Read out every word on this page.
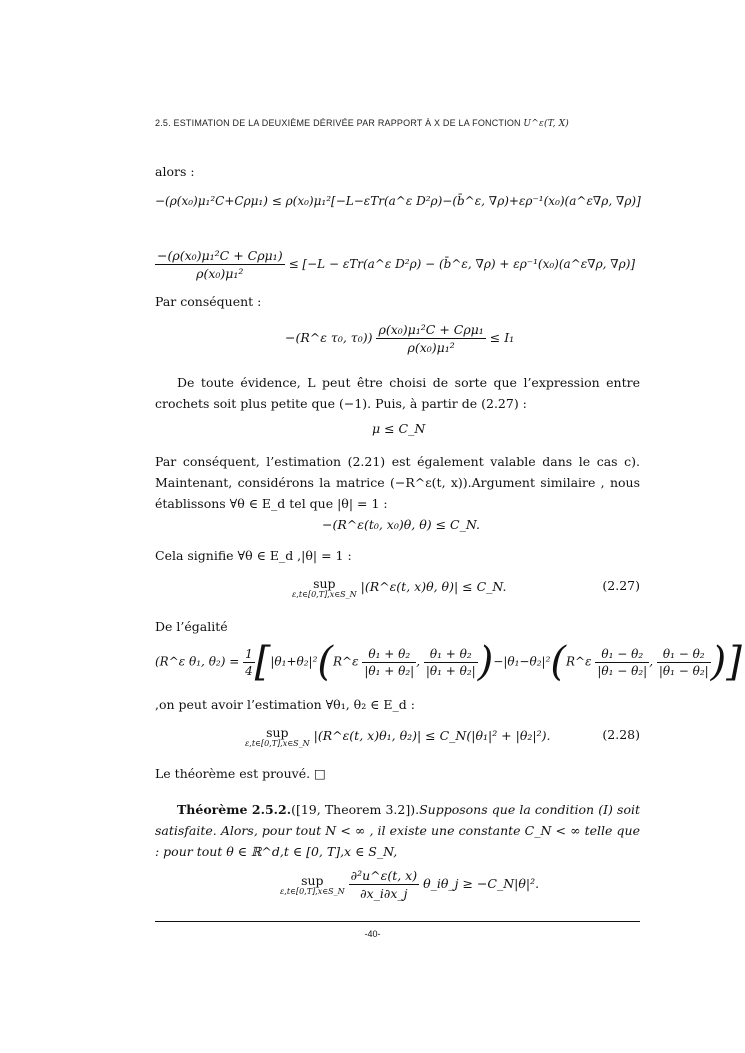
2.5. ESTIMATION DE LA DEUXIÈME DÉRIVÉE PAR RAPPORT À X DE LA FONCTION U^ε(T, X)
alors :
−(ρ(x₀)μ₁²C+Cρμ₁) ≤ ρ(x₀)μ₁²[−L−εTr(a^ε D²ρ)−(b̄^ε, ∇ρ)+ερ⁻¹(x₀)(a^ε∇ρ, ∇ρ)]
$\frac{\text{−(ρ(x₀)μ₁²C + Cρμ₁)}}{\text{ρ(x₀)μ₁²}} \le [-L$ − εTr(a^ε D²ρ) − (b̄^ε, ∇ρ) + ερ⁻¹(x₀)(a^ε∇ρ, ∇ρ)]
Par conséquent :
−(R^ε τ₀, $\tau_0)) \frac{\text{ρ(x₀)μ₁²C + Cρμ₁}}{\text{ρ(x₀)μ₁²}} \le I_1$
De toute évidence, L peut être choisi de sorte que l’expression entre crochets soit plus petite que (−1). Puis, à partir de (2.27) :
μ ≤ C_N
Par conséquent, l’estimation (2.21) est également valable dans le cas c). Maintenant, considérons la matrice (−R^ε(t, x)).Argument similaire , nous établissons ∀θ ∈ E_d tel que |θ| = 1 :
−(R^ε(t₀, x₀)θ, θ) ≤ C_N.
Cela signifie ∀θ ∈ E_d ,|θ| = 1 :
sup
ε,t∈[0,T],x∈S_N
|(R^ε(t, x)θ, θ)| ≤ C_N.	(2.27)
De l’égalité
(R^ε θ₁, $\theta_2) = \frac{1}{4}$ [|θ₁+θ₂|²(R^ε $\frac{\text{θ₁ + θ₂}}{\text{|θ₁ + θ₂|}}$ , $\frac{\text{θ₁ + θ₂}}{\text{|θ₁ + θ₂|}}$ )−|θ₁−θ₂|²(R^ε $\frac{\text{θ₁ − θ₂}}{\text{|θ₁ − θ₂|}}$ , $\frac{\text{θ₁ − θ₂}}{\text{|θ₁ − θ₂|}}$ )]
,on peut avoir l’estimation ∀θ₁, θ₂ ∈ E_d :
sup
ε,t∈[0,T],x∈S_N
|(R^ε(t, x)θ₁, θ₂)| ≤ C_N(|θ₁|² + |θ₂|²).	(2.28)
Le théorème est prouvé. □
Théorème 2.5.2.([19, Theorem 3.2]).Supposons que la condition (I) soit satisfaite. Alors, pour tout N < ∞ , il existe une constante C_N < ∞ telle que : pour tout θ ∈ ℝ^d,t ∈ [0, T],x ∈ S_N,
sup
ε,t∈[0,T],x∈S_N
$\frac{\text{∂²u\textasciicircum{}ε(t, x)}}{\partial x\_i\partial x\_j}$ θ_iθ_j ≥ −C_N|θ|².
-40-
